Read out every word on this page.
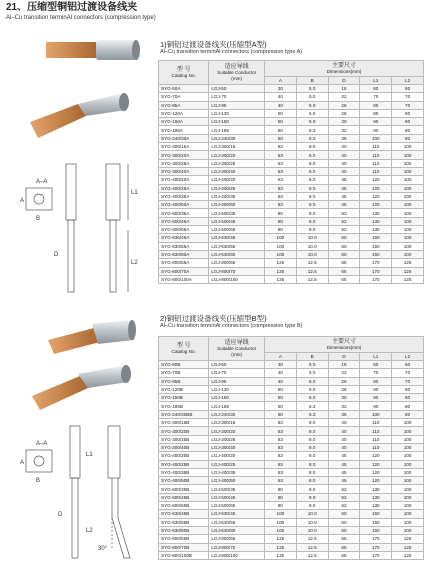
21、压缩型铜铝过渡设备线夹
Al–Cu transition terminAl connectors (compression type)
1)铜铝过渡设备线夹(压缩型A型)
Al–Cu transition terminAl connectors (compression type A)
型 号
Catalog No.	适应导线
Suitable Conductor
(mm)	主要尺寸
Dimensions(mm)				

		A	B	D	L1	L2
SYG-50A	LGJ-50	30	5.0	18	60	60
SYG-70A	LGJ-70	40	5.0	22	70	70
SYG-95A	LGJ-95	40	5.0	26	80	70
SYG-120A	LGJ-120	50	5.0	26	80	80
SYG-150A	LGJ-150	50	5.0	30	90	80
SYG-185A	LGJ-185	50	6.3	32	90	80
SYG-240/30A	LGJ-240/30	50	6.3	36	100	80
SYG-300/15A	LGJ-300/15	63	8.0	40	110	100
SYG-300/20A	LGJ-300/20	63	8.0	40	110	100
SYG-300/25A	LGJ-300/25	63	8.0	40	110	100
SYG-300/40A	LGJ-300/40	63	8.0	40	110	100
SYG-400/20A	LGJ-400/20	63	8.0	45	120	100
SYG-400/25A	LGJ-400/25	63	8.0	45	120	100
SYG-400/35A	LGJ-400/35	63	8.0	45	120	100
SYG-400/50A	LGJ-400/50	63	8.0	45	120	100
SYG-500/35A	LGJ-500/35	80	8.0	52	130	100
SYG-500/45A	LGJ-500/45	80	8.0	52	130	100
SYG-500/65A	LGJ-500/65	80	8.0	52	130	100
SYG-630/45A	LGJ-630/45	100	10.0	60	150	100
SYG-630/55A	LGJ-630/55	100	10.0	60	150	100
SYG-630/80A	LGJ-630/80	100	10.0	60	150	100
SYG-800/55A	LGJ-800/55	125	12.5	65	170	125
SYG-800/70A	LGJ-800/70	125	12.5	65	170	125
SYG-800/100A	LGJ-800/100	125	12.5	65	170	125
2)铜铝过渡设备线夹(压缩型B型)
Al–Cu transition terminAl connectors (compression type B)
型 号
Catalog No.	适应导线
Suitable Conductor
(mm)	主要尺寸
Dimensions(mm)				

		A	B	D	L1	L2
SYG-50B	LGJ-50	30	5.0	18	60	60
SYG-70B	LGJ-70	40	5.0	22	70	70
SYG-95B	LGJ-95	40	5.0	26	80	70
SYG-120B	LGJ-120	50	5.0	26	80	80
SYG-150B	LGJ-150	50	5.0	30	90	80
SYG-185B	LGJ-185	50	6.3	32	90	80
SYG-240/30BB	LGJ-240/30	50	6.3	36	100	80
SYG-300/15B	LGJ-300/15	63	8.0	40	110	100
SYG-300/20B	LGJ-300/20	63	8.0	40	110	100
SYG-300/25B	LGJ-300/25	63	8.0	40	110	100
SYG-300/40B	LGJ-300/40	63	8.0	40	110	100
SYG-400/20B	LGJ-400/20	63	8.0	45	120	100
SYG-400/25B	LGJ-400/25	63	8.0	45	120	100
SYG-400/35B	LGJ-400/35	63	8.0	45	120	100
SYG-400/50B	LGJ-400/50	63	8.0	45	120	100
SYG-500/35B	LGJ-500/35	80	8.0	52	130	100
SYG-500/45B	LGJ-500/45	80	8.0	52	130	100
SYG-500/65B	LGJ-500/65	80	8.0	52	130	100
SYG-630/45B	LGJ-630/45	100	10.0	60	150	100
SYG-630/55B	LGJ-630/55	100	10.0	60	150	100
SYG-630/80B	LGJ-630/80	100	10.0	60	150	100
SYG-800/55B	LGJ-800/55	125	12.5	65	170	125
SYG-800/70B	LGJ-800/70	125	12.5	65	170	125
SYG-800/100B	LGJ-800/100	125	12.5	65	170	125
A–A
A
B
D
L1
L2
A–A
A
B
D
L1
L2
30°
